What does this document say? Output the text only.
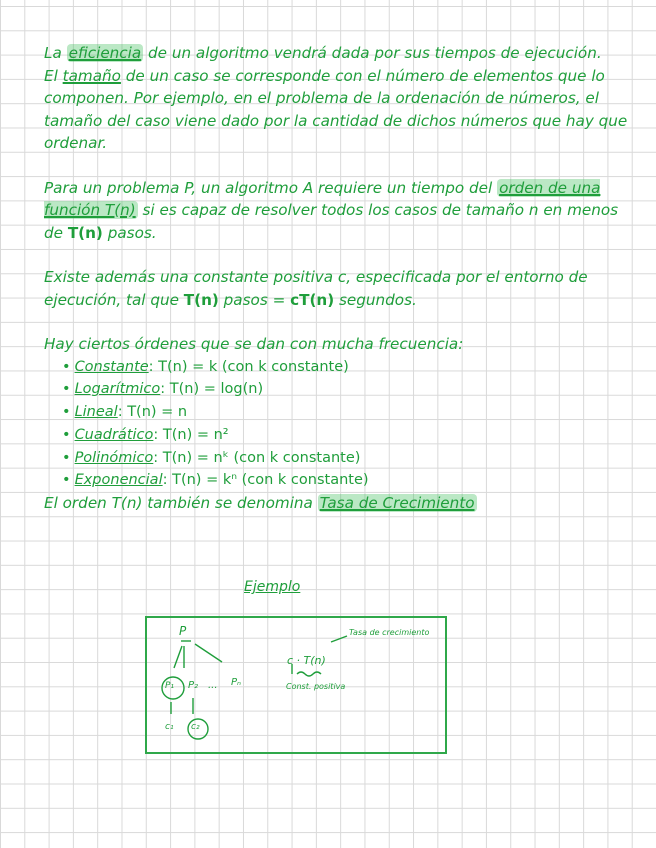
La eficiencia de un algoritmo vendrá dada por sus tiempos de ejecución.

El tamaño de un caso se corresponde con el número de elementos que lo componen. Por ejemplo, en el problema de la ordenación de números, el tamaño del caso viene dado por la cantidad de dichos números que hay que ordenar.

Para un problema P, un algoritmo A requiere un tiempo del orden de una función T(n) si es capaz de resolver todos los casos de tamaño n en menos de T(n) pasos.

Existe además una constante positiva c, especificada por el entorno de ejecución, tal que T(n) pasos = cT(n) segundos.

Hay ciertos órdenes que se dan con mucha frecuencia:

• Constante: T(n) = k (con k constante)
• Logarítmico: T(n) = log(n)
• Lineal: T(n) = n
• Cuadrático: T(n) = n²
• Polinómico: T(n) = nᵏ (con k constante)
• Exponencial: T(n) = kⁿ (con k constante)

El orden T(n) también se denomina Tasa de Crecimiento

Ejemplo
P
P₁ P₂ ... Pₙ
c₁ c₂
c · T(n)
Tasa de crecimiento
Const. positiva
